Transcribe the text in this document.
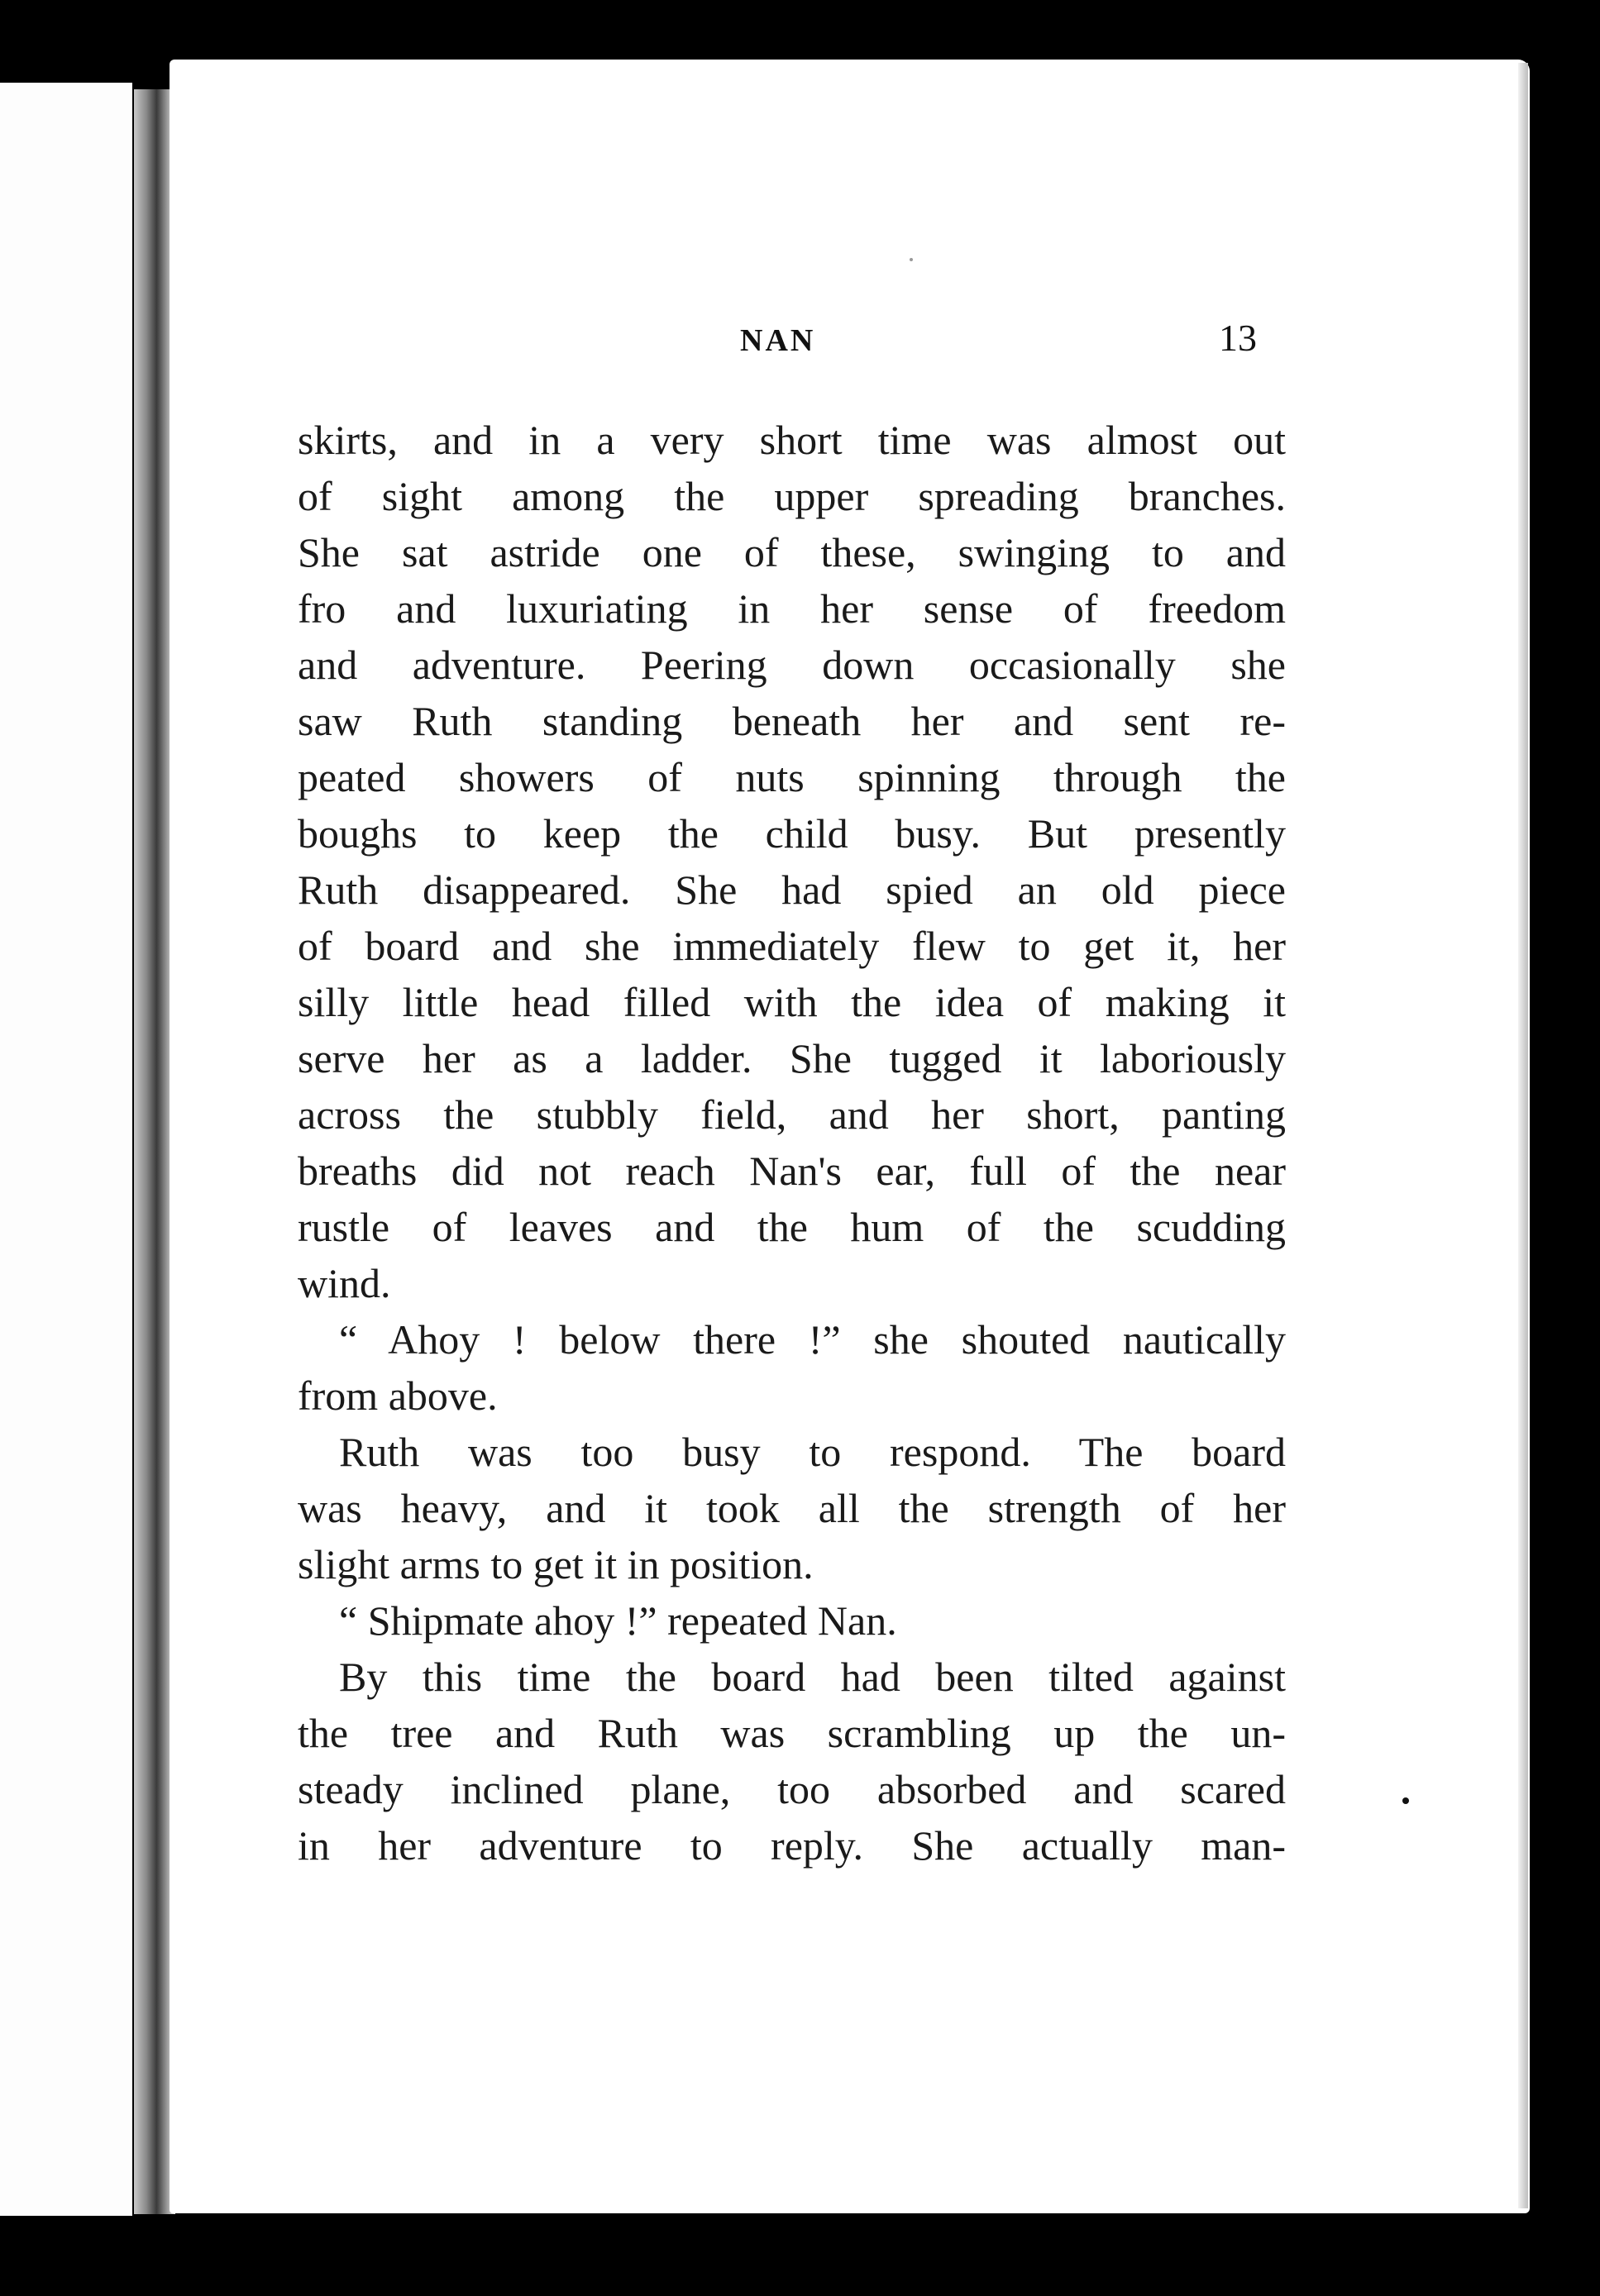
NAN	13
skirts, and in a very short time was almost out
of sight among the upper spreading branches.
She sat astride one of these, swinging to and
fro and luxuriating in her sense of freedom
and adventure. Peering down occasionally she
saw Ruth standing beneath her and sent re-
peated showers of nuts spinning through the
boughs to keep the child busy. But presently
Ruth disappeared. She had spied an old piece
of board and she immediately flew to get it, her
silly little head filled with the idea of making it
serve her as a ladder. She tugged it laboriously
across the stubbly field, and her short, panting
breaths did not reach Nan's ear, full of the near
rustle of leaves and the hum of the scudding
wind.
“ Ahoy ! below there !” she shouted nautically
from above.
Ruth was too busy to respond. The board
was heavy, and it took all the strength of her
slight arms to get it in position.
“ Shipmate ahoy !” repeated Nan.
By this time the board had been tilted against
the tree and Ruth was scrambling up the un-
steady inclined plane, too absorbed and scared
in her adventure to reply. She actually man-
